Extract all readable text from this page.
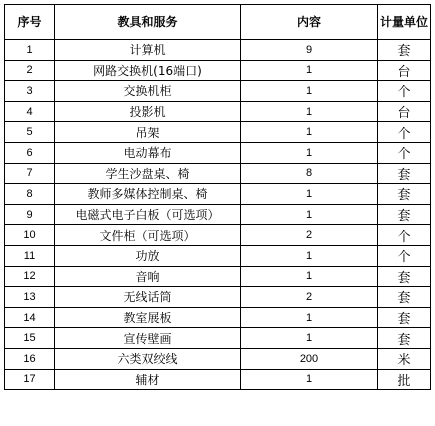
序号	教具和服务	内容	计量单位
1	计算机	9	套
2	网路交换机(16端口)	1	台
3	交换机柜	1	个
4	投影机	1	台
5	吊架	1	个
6	电动幕布	1	个
7	学生沙盘桌、椅	8	套
8	教师多媒体控制桌、椅	1	套
9	电磁式电子白板（可选项）	1	套
10	文件柜（可选项）	2	个
11	功放	1	个
12	音响	1	套
13	无线话筒	2	套
14	教室展板	1	套
15	宣传壁画	1	套
16	六类双绞线	200	米
17	辅材	1	批
